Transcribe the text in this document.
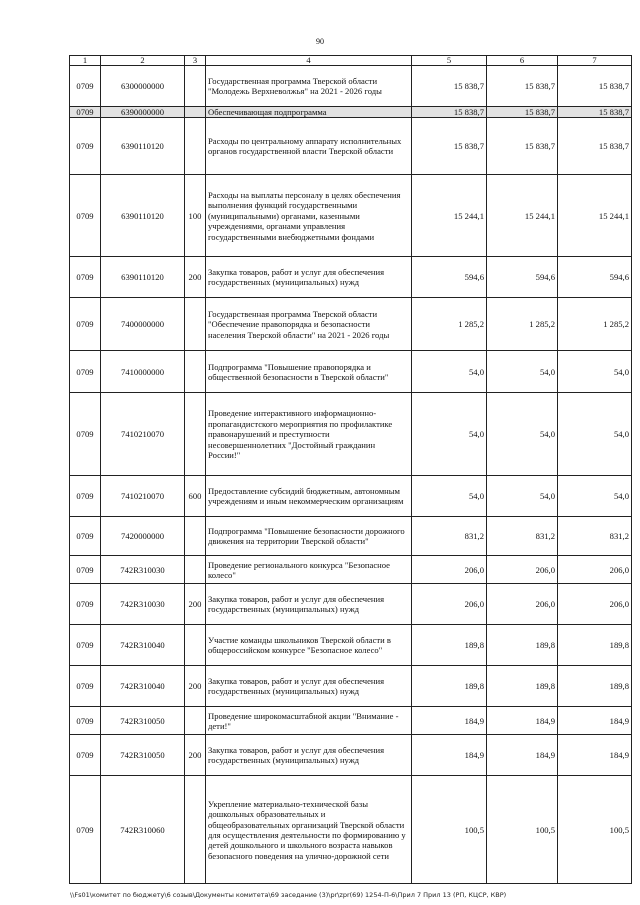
90
1	2	3	4	5	6	7
0709	6300000000		Государственная программа Тверской области "Молодежь Верхневолжья" на 2021 - 2026 годы	15 838,7	15 838,7	15 838,7
0709	6390000000		Обеспечивающая подпрограмма	15 838,7	15 838,7	15 838,7
0709	6390110120		Расходы по центральному аппарату исполнительных органов государственной власти Тверской области	15 838,7	15 838,7	15 838,7
0709	6390110120	100	Расходы на выплаты персоналу в целях обеспечения выполнения функций государственными (муниципальными) органами, казенными учреждениями, органами управления государственными внебюджетными фондами	15 244,1	15 244,1	15 244,1
0709	6390110120	200	Закупка товаров, работ и услуг для обеспечения государственных (муниципальных) нужд	594,6	594,6	594,6
0709	7400000000		Государственная программа Тверской области "Обеспечение правопорядка и безопасности населения Тверской области" на 2021 - 2026 годы	1 285,2	1 285,2	1 285,2
0709	7410000000		Подпрограмма "Повышение правопорядка и общественной безопасности в Тверской области"	54,0	54,0	54,0
0709	7410210070		Проведение интерактивного информационно-пропагандистского мероприятия по профилактике правонарушений и преступности несовершеннолетних "Достойный гражданин России!"	54,0	54,0	54,0
0709	7410210070	600	Предоставление субсидий бюджетным, автономным учреждениям и иным некоммерческим организациям	54,0	54,0	54,0
0709	7420000000		Подпрограмма "Повышение безопасности дорожного движения на территории Тверской области"	831,2	831,2	831,2
0709	742R310030		Проведение регионального конкурса "Безопасное колесо"	206,0	206,0	206,0
0709	742R310030	200	Закупка товаров, работ и услуг для обеспечения государственных (муниципальных) нужд	206,0	206,0	206,0
0709	742R310040		Участие команды школьников Тверской области в общероссийском конкурсе "Безопасное колесо"	189,8	189,8	189,8
0709	742R310040	200	Закупка товаров, работ и услуг для обеспечения государственных (муниципальных) нужд	189,8	189,8	189,8
0709	742R310050		Проведение широкомасштабной акции "Внимание - дети!"	184,9	184,9	184,9
0709	742R310050	200	Закупка товаров, работ и услуг для обеспечения государственных (муниципальных) нужд	184,9	184,9	184,9
0709	742R310060		Укрепление материально-технической базы дошкольных образовательных и общеобразовательных организаций Тверской области для осуществления деятельности по формированию у детей дошкольного и школьного возраста навыков безопасного поведения на улично-дорожной сети	100,5	100,5	100,5
\\Fs01\комитет по бюджету\6 созыв\Документы комитета\69 заседание (3)\pr\zpr(69) 1254-П-6\Прил 7 Прил 13 (РП, КЦСР, КВР)
